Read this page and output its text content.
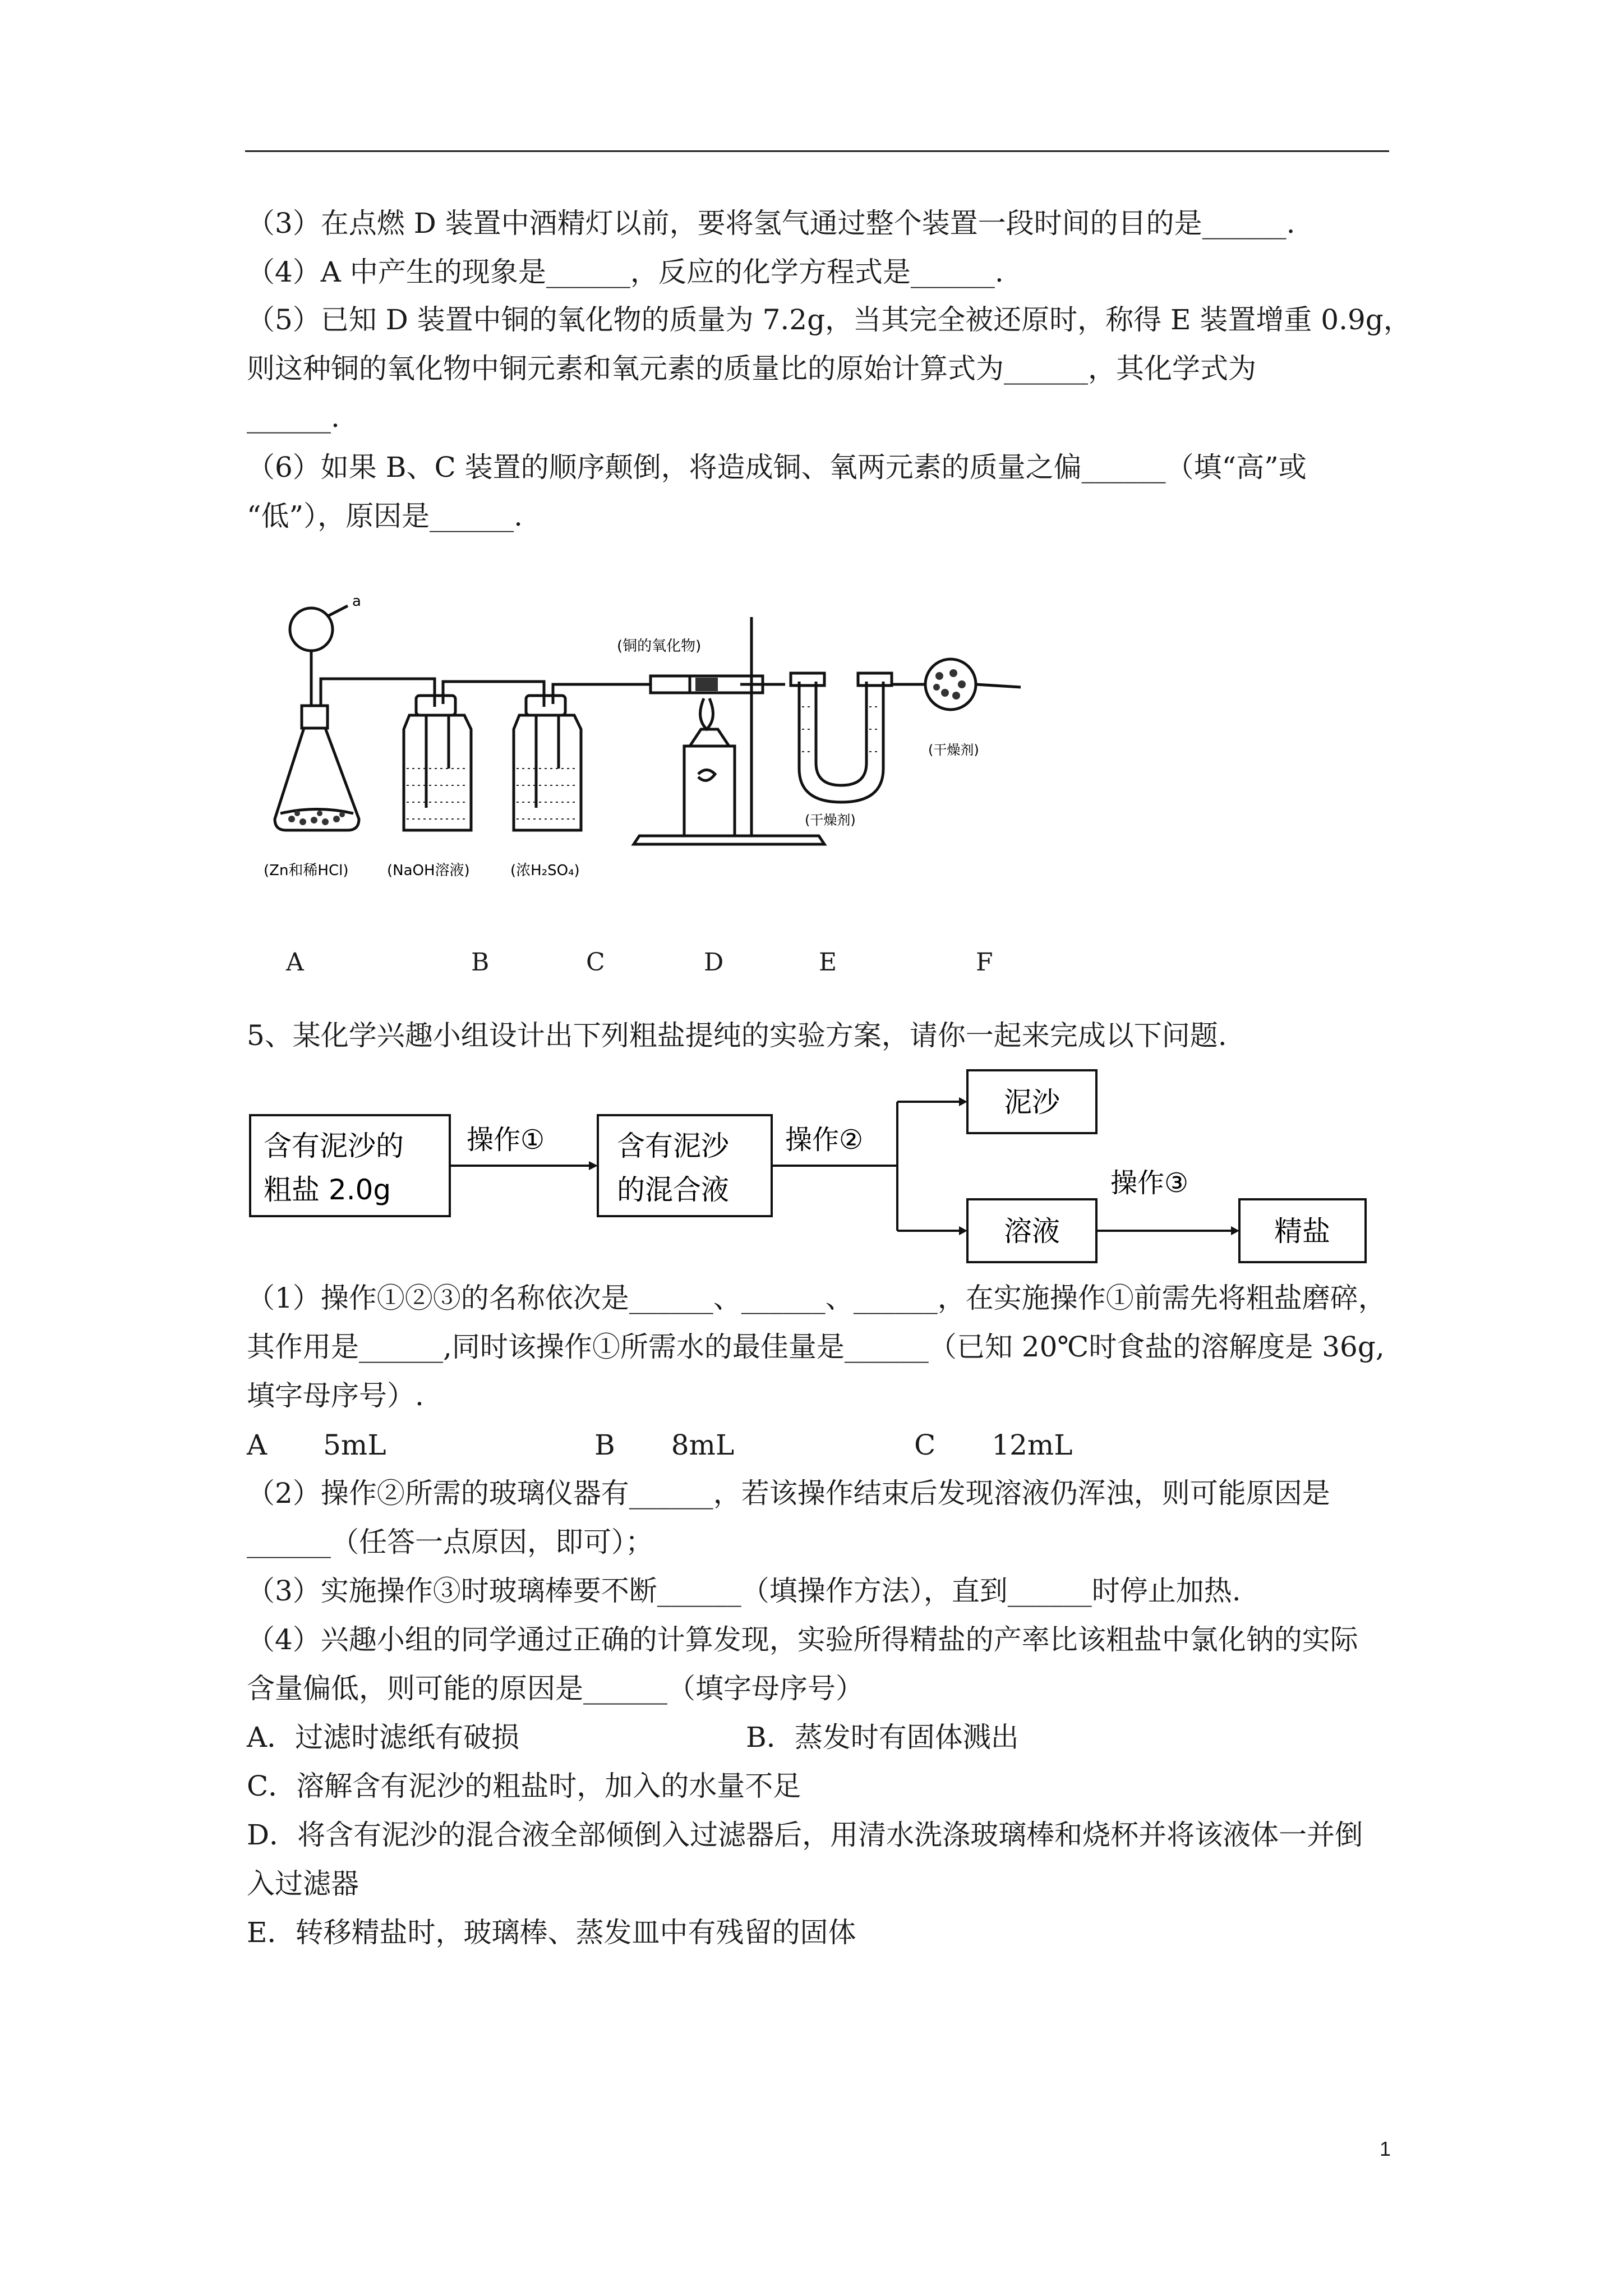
（3）在点燃 D 装置中酒精灯以前，要将氢气通过整个装置一段时间的目的是______.
（4）A 中产生的现象是______，反应的化学方程式是______.
（5）已知 D 装置中铜的氧化物的质量为 7.2g，当其完全被还原时，称得 E 装置增重 0.9g，
则这种铜的氧化物中铜元素和氧元素的质量比的原始计算式为______，其化学式为
______.
（6）如果 B、C 装置的顺序颠倒，将造成铜、氧两元素的质量之偏______（填“高”或
“低”），原因是______.
a
(铜的氧化物)
(干燥剂)
(干燥剂)
(Zn和稀HCl)	(NaOH溶液)	(浓H₂SO₄)
A	B	C	D	E	F
5、某化学兴趣小组设计出下列粗盐提纯的实验方案，请你一起来完成以下问题.
含有泥沙的
粗盐 2.0g
操作①	含有泥沙
的混合液
操作②
泥沙
溶液
操作③
精盐
（1）操作①②③的名称依次是______、______、______，在实施操作①前需先将粗盐磨碎，
其作用是______,同时该操作①所需水的最佳量是______（已知 20℃时食盐的溶解度是 36g,
填字母序号）.
A　　5mL	B　　8mL	C　　12mL
（2）操作②所需的玻璃仪器有______，若该操作结束后发现溶液仍浑浊，则可能原因是
______（任答一点原因，即可）；
（3）实施操作③时玻璃棒要不断______（填操作方法），直到______时停止加热.
（4）兴趣小组的同学通过正确的计算发现，实验所得精盐的产率比该粗盐中氯化钠的实际
含量偏低，则可能的原因是______（填字母序号）
A．过滤时滤纸有破损	B．蒸发时有固体溅出
C．溶解含有泥沙的粗盐时，加入的水量不足
D．将含有泥沙的混合液全部倾倒入过滤器后，用清水洗涤玻璃棒和烧杯并将该液体一并倒
入过滤器
E．转移精盐时，玻璃棒、蒸发皿中有残留的固体
1
